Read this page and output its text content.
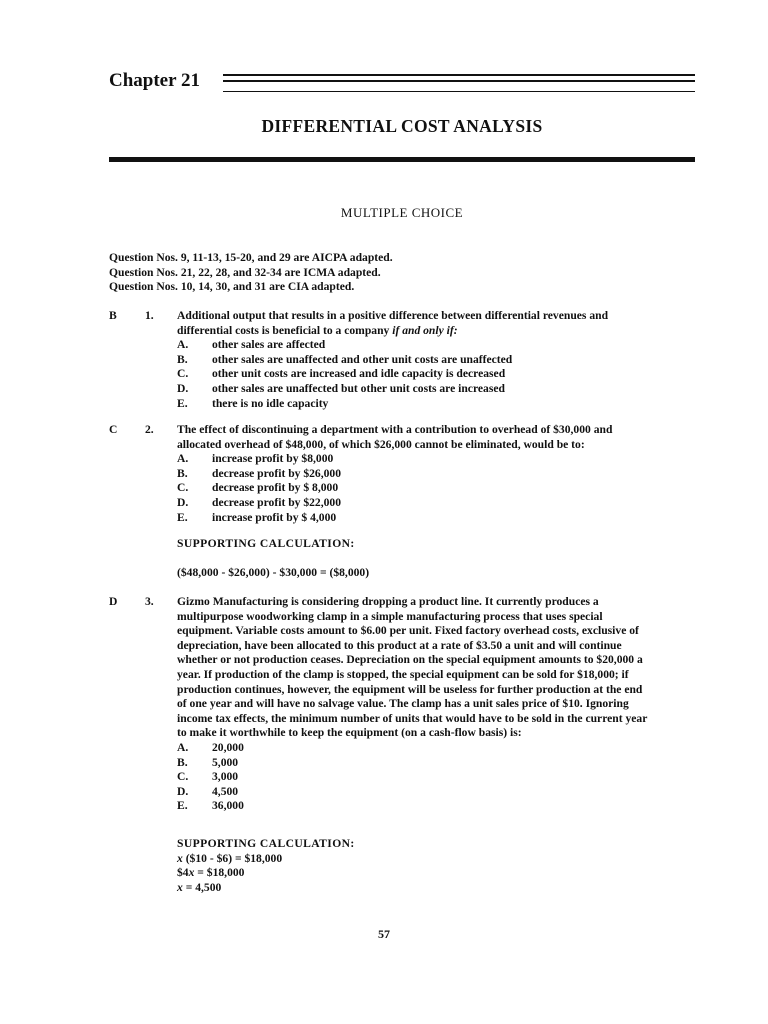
Chapter 21
DIFFERENTIAL COST ANALYSIS
MULTIPLE CHOICE
Question Nos. 9, 11-13, 15-20, and 29 are AICPA adapted.
Question Nos. 21, 22, 28, and 32-34 are ICMA adapted.
Question Nos. 10, 14, 30, and 31 are CIA adapted.
B 1. Additional output that results in a positive difference between differential revenues and
differential costs is beneficial to a company if and only if:
A. other sales are affected
B. other sales are unaffected and other unit costs are unaffected
C. other unit costs are increased and idle capacity is decreased
D. other sales are unaffected but other unit costs are increased
E. there is no idle capacity
C 2. The effect of discontinuing a department with a contribution to overhead of $30,000 and
allocated overhead of $48,000, of which $26,000 cannot be eliminated, would be to:
A. increase profit by $8,000
B. decrease profit by $26,000
C. decrease profit by $ 8,000
D. decrease profit by $22,000
E. increase profit by $ 4,000
SUPPORTING CALCULATION:
($48,000 - $26,000) - $30,000 = ($8,000)
D 3. Gizmo Manufacturing is considering dropping a product line. It currently produces a
multipurpose woodworking clamp in a simple manufacturing process that uses special
equipment. Variable costs amount to $6.00 per unit. Fixed factory overhead costs, exclusive of
depreciation, have been allocated to this product at a rate of $3.50 a unit and will continue
whether or not production ceases. Depreciation on the special equipment amounts to $20,000 a
year. If production of the clamp is stopped, the special equipment can be sold for $18,000; if
production continues, however, the equipment will be useless for further production at the end
of one year and will have no salvage value. The clamp has a unit sales price of $10. Ignoring
income tax effects, the minimum number of units that would have to be sold in the current year
to make it worthwhile to keep the equipment (on a cash-flow basis) is:
A. 20,000
B. 5,000
C. 3,000
D. 4,500
E. 36,000
SUPPORTING CALCULATION:
x ($10 - $6) = $18,000
$4x = $18,000
x = 4,500
57
